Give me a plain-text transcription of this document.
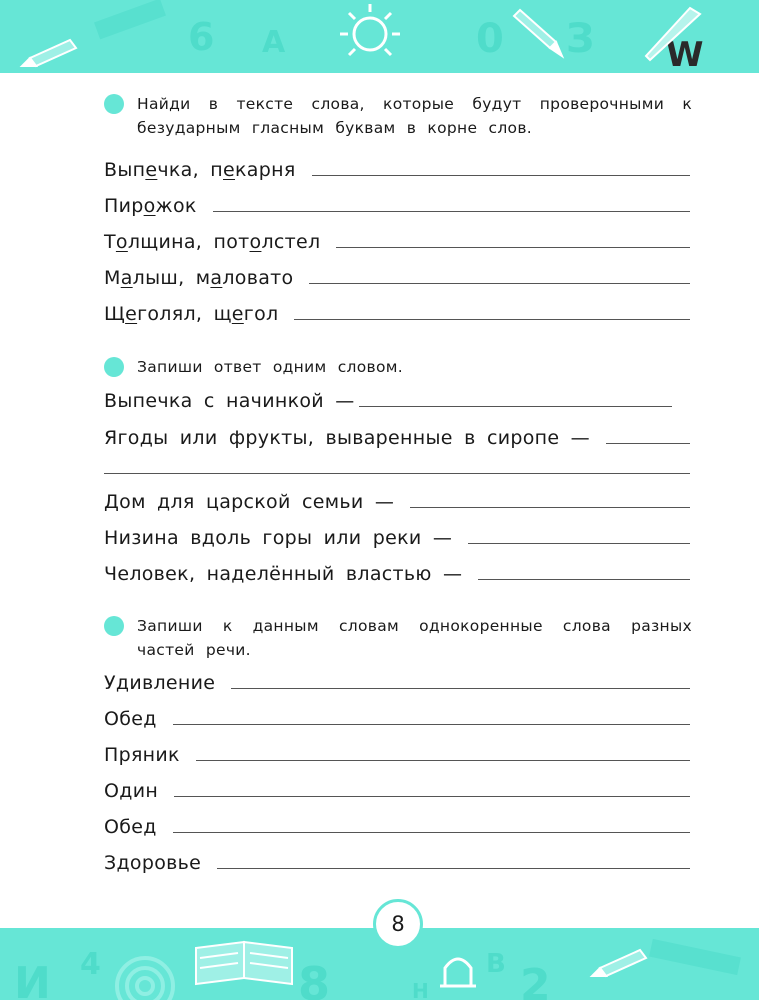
6 A	0 З W
Найди в тексте слова, которые будут проверочными к безударным гласным буквам в корне слов.
Выпечка, пекарня
Пирожок
Толщина, потолстел
Малыш, маловато
Щеголял, щегол
Запиши ответ одним словом.
Выпечка с начинкой —
Ягоды или фрукты, вываренные в сиропе —
Дом для царской семьи —
Низина вдоль горы или реки —
Человек, наделённый властью —
Запиши к данным словам однокоренные слова разных частей речи.
Удивление
Обед
Пряник
Один
Обед
Здоровье
И 4	8	Н
В 2
8
